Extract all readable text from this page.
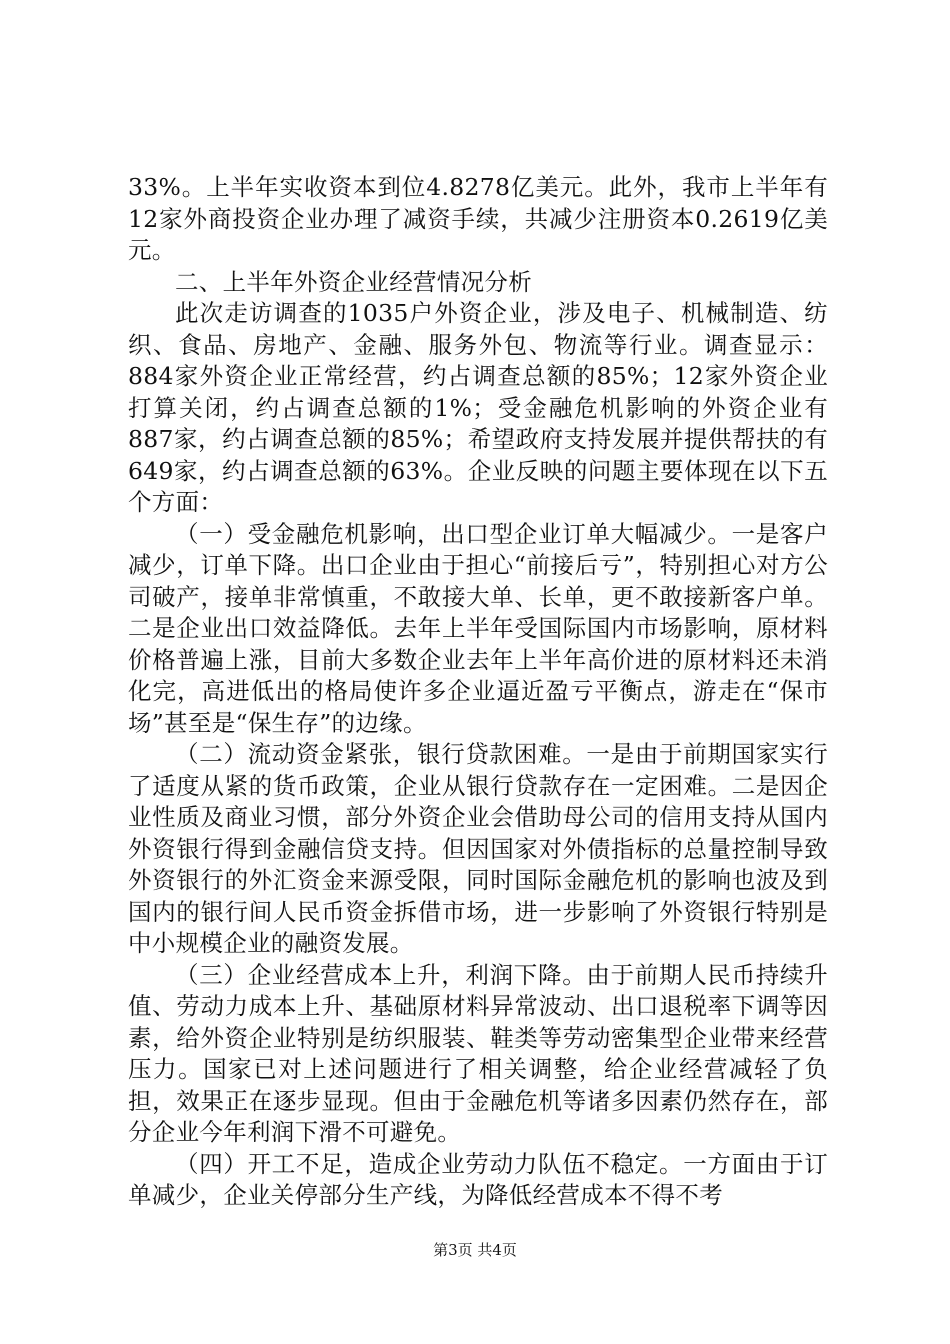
33%。上半年实收资本到位4.8278亿美元。此外，我市上半年有12家外商投资企业办理了减资手续，共减少注册资本0.2619亿美元。

二、上半年外资企业经营情况分析

此次走访调查的1035户外资企业，涉及电子、机械制造、纺织、食品、房地产、金融、服务外包、物流等行业。调查显示：884家外资企业正常经营，约占调查总额的85%；12家外资企业打算关闭，约占调查总额的1%；受金融危机影响的外资企业有887家，约占调查总额的85%；希望政府支持发展并提供帮扶的有649家，约占调查总额的63%。企业反映的问题主要体现在以下五个方面：

（一）受金融危机影响，出口型企业订单大幅减少。一是客户减少，订单下降。出口企业由于担心“前接后亏”，特别担心对方公司破产，接单非常慎重，不敢接大单、长单，更不敢接新客户单。二是企业出口效益降低。去年上半年受国际国内市场影响，原材料价格普遍上涨，目前大多数企业去年上半年高价进的原材料还未消化完，高进低出的格局使许多企业逼近盈亏平衡点，游走在“保市场”甚至是“保生存”的边缘。

（二）流动资金紧张，银行贷款困难。一是由于前期国家实行了适度从紧的货币政策，企业从银行贷款存在一定困难。二是因企业性质及商业习惯，部分外资企业会借助母公司的信用支持从国内外资银行得到金融信贷支持。但因国家对外债指标的总量控制导致外资银行的外汇资金来源受限，同时国际金融危机的影响也波及到国内的银行间人民币资金拆借市场，进一步影响了外资银行特别是中小规模企业的融资发展。

（三）企业经营成本上升，利润下降。由于前期人民币持续升值、劳动力成本上升、基础原材料异常波动、出口退税率下调等因素，给外资企业特别是纺织服装、鞋类等劳动密集型企业带来经营压力。国家已对上述问题进行了相关调整，给企业经营减轻了负担，效果正在逐步显现。但由于金融危机等诸多因素仍然存在，部分企业今年利润下滑不可避免。

（四）开工不足，造成企业劳动力队伍不稳定。一方面由于订单减少，企业关停部分生产线，为降低经营成本不得不考

第3页 共4页
